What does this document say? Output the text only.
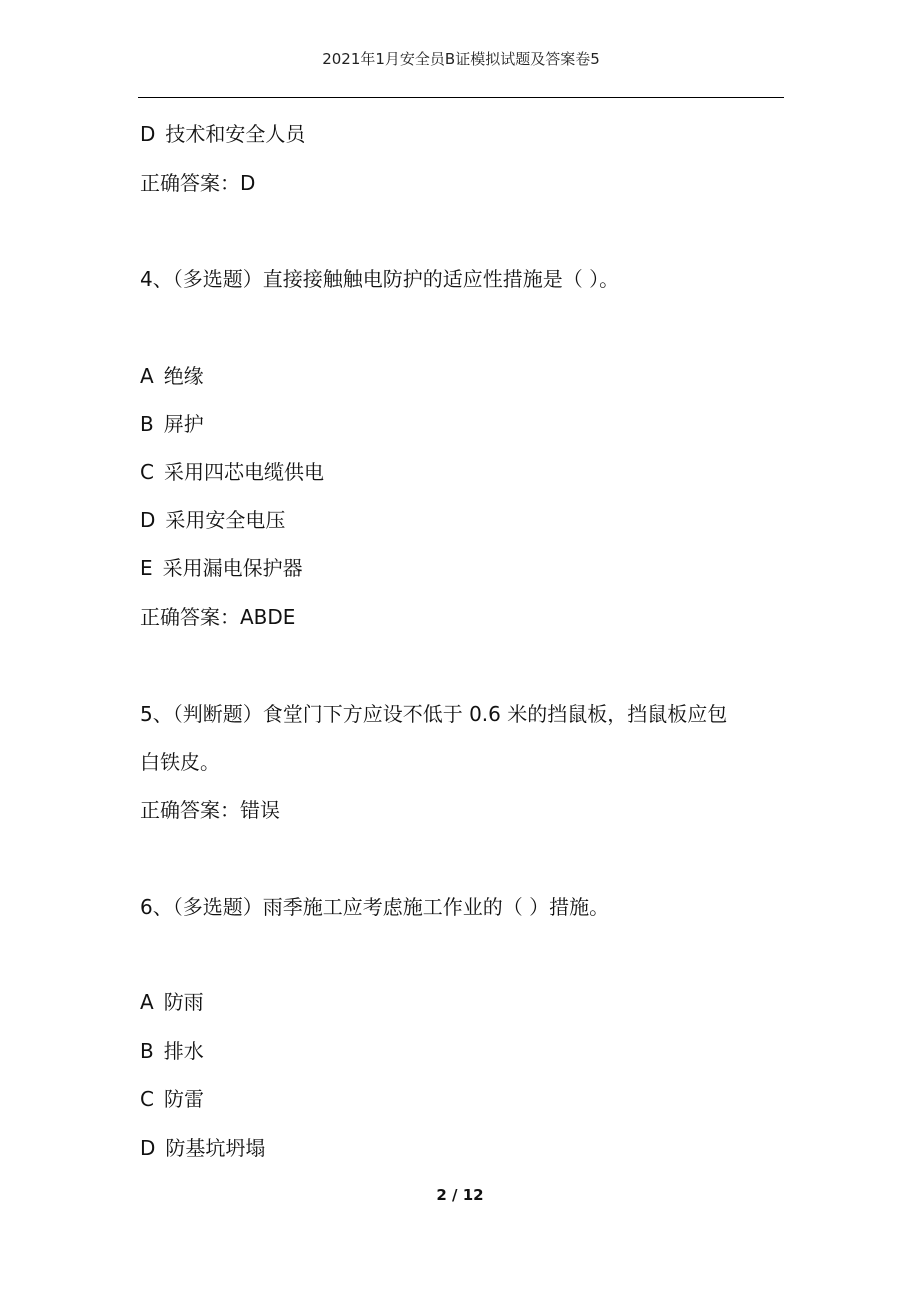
2021年1月安全员B证模拟试题及答案卷5
D 技术和安全人员
正确答案：D
4、（多选题）直接接触触电防护的适应性措施是（ ）。
A 绝缘
B 屏护
C 采用四芯电缆供电
D 采用安全电压
E 采用漏电保护器
正确答案：ABDE
5、（判断题）食堂门下方应设不低于 0.6 米的挡鼠板，挡鼠板应包
白铁皮。
正确答案：错误
6、（多选题）雨季施工应考虑施工作业的（ ）措施。
A 防雨
B 排水
C 防雷
D 防基坑坍塌
2 / 12
